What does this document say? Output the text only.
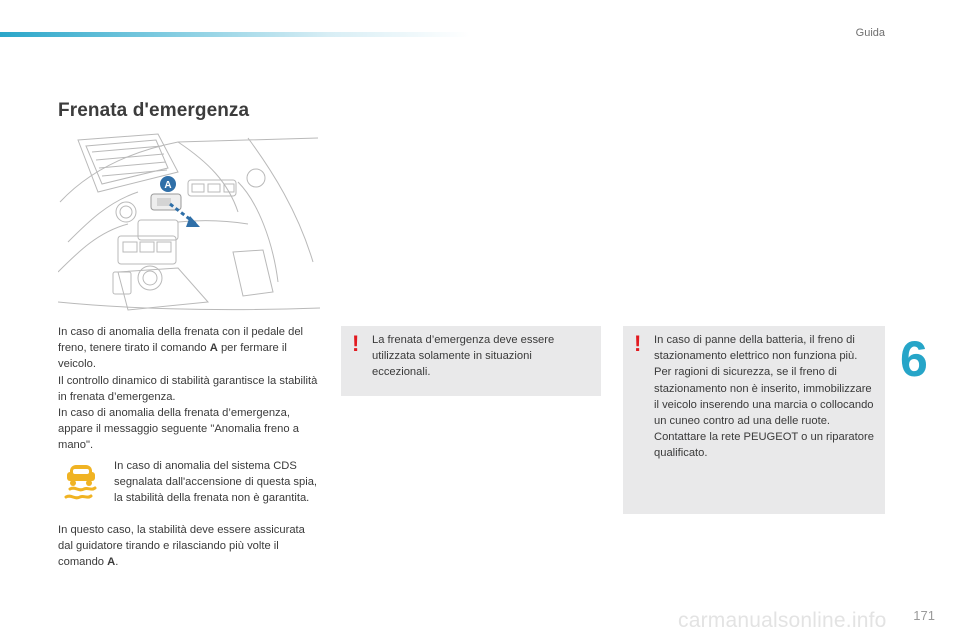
Guida
Frenata d'emergenza
A

In caso di anomalia della frenata con il pedale del freno, tenere tirato il comando A per fermare il veicolo.

Il controllo dinamico di stabilità garantisce la stabilità in frenata d’emergenza.

In caso di anomalia della frenata d’emergenza, appare il messaggio seguente "Anomalia freno a mano".

In caso di anomalia del sistema CDS segnalata dall'accensione di questa spia, la stabilità della frenata non è garantita.

In questo caso, la stabilità deve essere assicurata dal guidatore tirando e rilasciando più volte il comando A.

! La frenata d’emergenza deve essere utilizzata solamente in situazioni eccezionali.
! In caso di panne della batteria, il freno di stazionamento elettrico non funziona più.
Per ragioni di sicurezza, se il freno di stazionamento non è inserito, immobilizzare il veicolo inserendo una marcia o collocando un cuneo contro ad una delle ruote.
Contattare la rete PEUGEOT o un riparatore qualificato.
6
carmanualsonline.info 171
